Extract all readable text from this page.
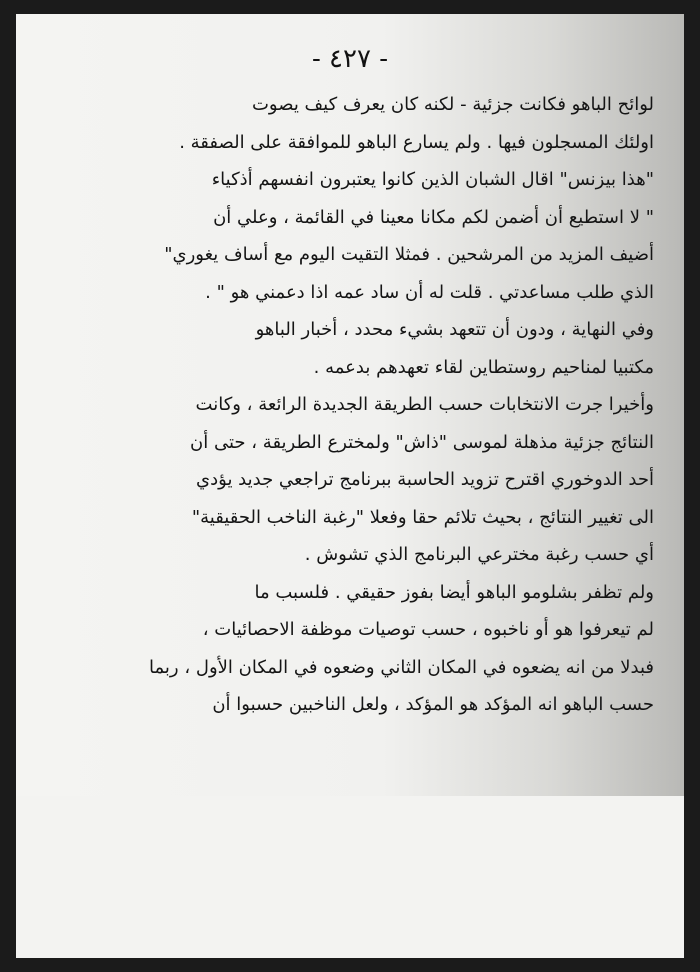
- ٤٢٧ -
لوائح الباهو فكانت جزئية - لكنه كان يعرف كيف يصوت
اولئك المسجلون فيها . ولم يسارع الباهو للموافقة على الصفقة .
"هذا بيزنس" اقال الشبان الذين كانوا يعتبرون انفسهم أذكياء
" لا استطيع أن أضمن لكم مكانا معينا في القائمة ، وعلي أن
أضيف المزيد من المرشحين . فمثلا التقيت اليوم مع أساف يغوري"
الذي طلب مساعدتي . قلت له أن ساد عمه اذا دعمني هو " .
وفي النهاية ، ودون أن تتعهد بشيء محدد ، أخبار الباهو
مكتبيا لمناحيم روستطاين لقاء تعهدهم بدعمه .
وأخيرا جرت الانتخابات حسب الطريقة الجديدة الرائعة ، وكانت
النتائج جزئية مذهلة لموسى "ذاش" ولمخترع الطريقة ، حتى أن
أحد الدوخوري اقترح تزويد الحاسبة ببرنامج تراجعي جديد يؤدي
الى تغيير النتائج ، بحيث تلائم حقا وفعلا "رغبة الناخب الحقيقية"
أي حسب رغبة مخترعي البرنامج الذي تشوش .
ولم تظفر بشلومو الباهو أيضا بفوز حقيقي . فلسبب ما
لم تيعرفوا هو أو ناخبوه ، حسب توصيات موظفة الاحصائيات ،
فبدلا من انه يضعوه في المكان الثاني وضعوه في المكان الأول ، ربما
حسب الباهو انه المؤكد هو المؤكد ، ولعل الناخبين حسبوا أن
